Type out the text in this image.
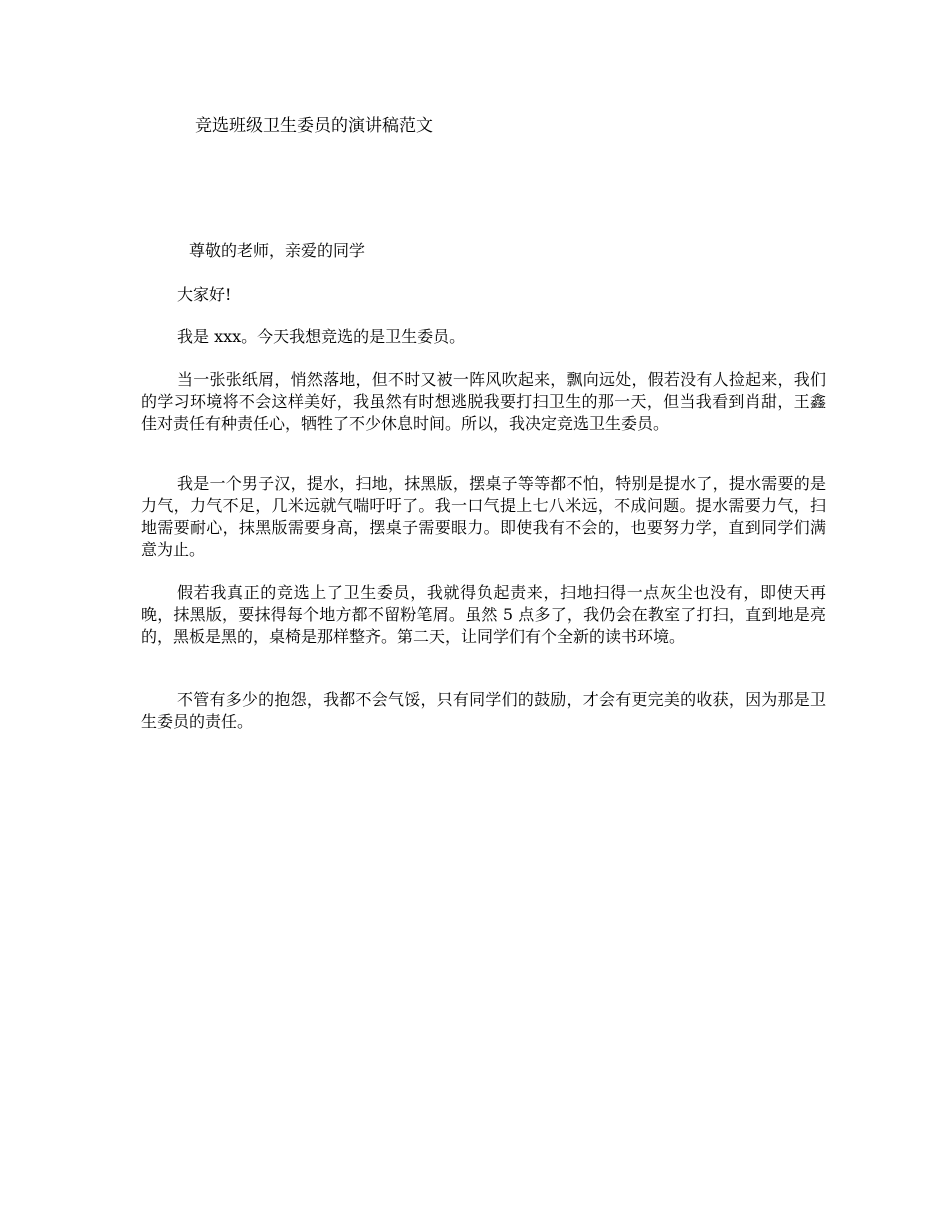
竞选班级卫生委员的演讲稿范文
尊敬的老师，亲爱的同学
大家好!
我是 xxx。今天我想竞选的是卫生委员。

当一张张纸屑，悄然落地，但不时又被一阵风吹起来，飘向远处，假若没有人捡起来，我们的学习环境将不会这样美好，我虽然有时想逃脱我要打扫卫生的那一天，但当我看到肖甜，王鑫佳对责任有种责任心，牺牲了不少休息时间。所以，我决定竞选卫生委员。

我是一个男子汉，提水，扫地，抹黑版，摆桌子等等都不怕，特别是提水了，提水需要的是力气，力气不足，几米远就气喘吁吁了。我一口气提上七八米远，不成问题。提水需要力气，扫地需要耐心，抹黑版需要身高，摆桌子需要眼力。即使我有不会的，也要努力学，直到同学们满意为止。

假若我真正的竞选上了卫生委员，我就得负起责来，扫地扫得一点灰尘也没有，即使天再晚，抹黑版，要抹得每个地方都不留粉笔屑。虽然 5 点多了，我仍会在教室了打扫，直到地是亮的，黑板是黑的，桌椅是那样整齐。第二天，让同学们有个全新的读书环境。

不管有多少的抱怨，我都不会气馁，只有同学们的鼓励，才会有更完美的收获，因为那是卫生委员的责任。
